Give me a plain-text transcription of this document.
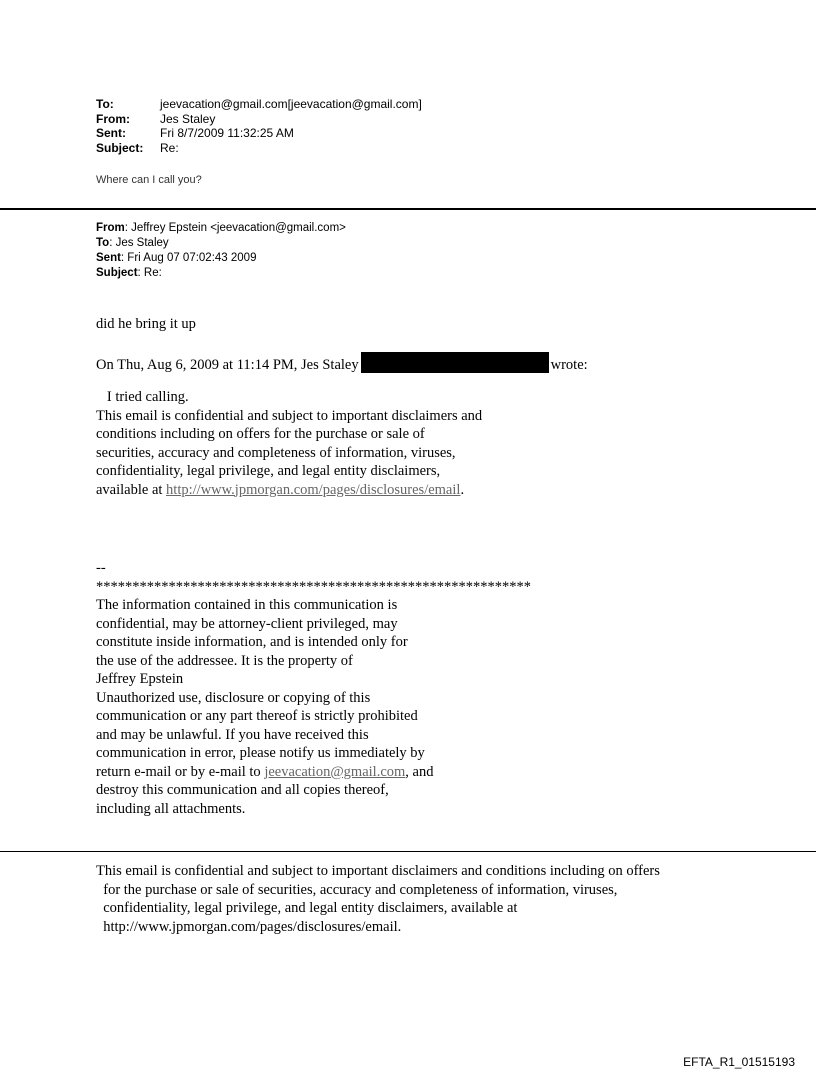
To:	jeevacation@gmail.com[jeevacation@gmail.com]
From:	Jes Staley
Sent:	Fri 8/7/2009 11:32:25 AM
Subject:	Re:
Where can I call you?
From: Jeffrey Epstein <jeevacation@gmail.com>
To: Jes Staley
Sent: Fri Aug 07 07:02:43 2009
Subject: Re:
did he bring it up
On Thu, Aug 6, 2009 at 11:14 PM, Jes Staley	wrote:
I tried calling.
This email is confidential and subject to important disclaimers and
conditions including on offers for the purchase or sale of
securities, accuracy and completeness of information, viruses,
confidentiality, legal privilege, and legal entity disclaimers,
available at http://www.jpmorgan.com/pages/disclosures/email.
--
************************************************************
The information contained in this communication is
confidential, may be attorney-client privileged, may
constitute inside information, and is intended only for
the use of the addressee. It is the property of
Jeffrey Epstein
Unauthorized use, disclosure or copying of this
communication or any part thereof is strictly prohibited
and may be unlawful. If you have received this
communication in error, please notify us immediately by
return e-mail or by e-mail to jeevacation@gmail.com, and
destroy this communication and all copies thereof,
including all attachments.
This email is confidential and subject to important disclaimers and conditions including on offers
for the purchase or sale of securities, accuracy and completeness of information, viruses,
confidentiality, legal privilege, and legal entity disclaimers, available at
http://www.jpmorgan.com/pages/disclosures/email.
EFTA_R1_01515193
